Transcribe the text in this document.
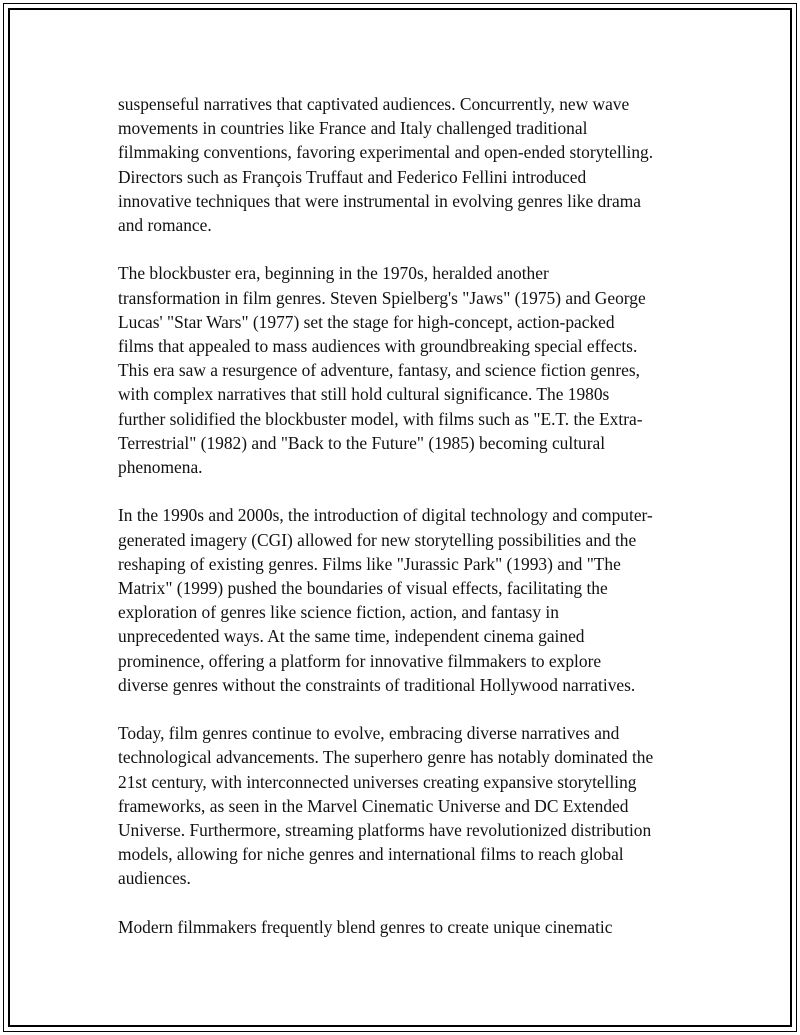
suspenseful narratives that captivated audiences. Concurrently, new wave
movements in countries like France and Italy challenged traditional
filmmaking conventions, favoring experimental and open-ended storytelling.
Directors such as François Truffaut and Federico Fellini introduced
innovative techniques that were instrumental in evolving genres like drama
and romance.

The blockbuster era, beginning in the 1970s, heralded another
transformation in film genres. Steven Spielberg's "Jaws" (1975) and George
Lucas' "Star Wars" (1977) set the stage for high-concept, action-packed
films that appealed to mass audiences with groundbreaking special effects.
This era saw a resurgence of adventure, fantasy, and science fiction genres,
with complex narratives that still hold cultural significance. The 1980s
further solidified the blockbuster model, with films such as "E.T. the Extra-
Terrestrial" (1982) and "Back to the Future" (1985) becoming cultural
phenomena.

In the 1990s and 2000s, the introduction of digital technology and computer-
generated imagery (CGI) allowed for new storytelling possibilities and the
reshaping of existing genres. Films like "Jurassic Park" (1993) and "The
Matrix" (1999) pushed the boundaries of visual effects, facilitating the
exploration of genres like science fiction, action, and fantasy in
unprecedented ways. At the same time, independent cinema gained
prominence, offering a platform for innovative filmmakers to explore
diverse genres without the constraints of traditional Hollywood narratives.

Today, film genres continue to evolve, embracing diverse narratives and
technological advancements. The superhero genre has notably dominated the
21st century, with interconnected universes creating expansive storytelling
frameworks, as seen in the Marvel Cinematic Universe and DC Extended
Universe. Furthermore, streaming platforms have revolutionized distribution
models, allowing for niche genres and international films to reach global
audiences.

Modern filmmakers frequently blend genres to create unique cinematic
